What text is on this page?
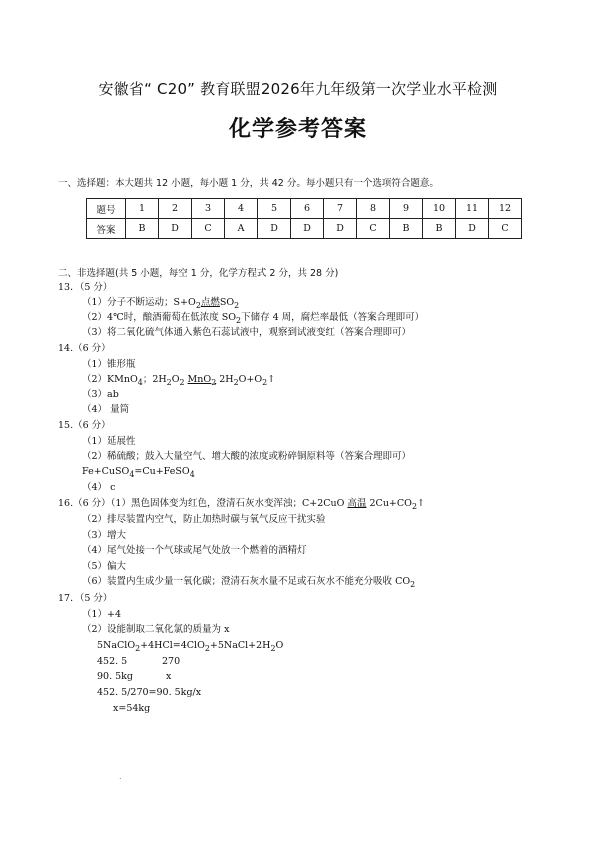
安徽省“ C20” 教育联盟2026年九年级第一次学业水平检测
化学参考答案
一、选择题：本大题共 12 小题，每小题 1 分，共 42 分。每小题只有一个选项符合题意。
题号	1	2	3	4	5	6	7	8	9	10	11	12
答案	B	D	C	A	D	D	D	C	B	B	D	C
二、非选择题(共 5 小题，每空 1 分，化学方程式 2 分，共 28 分)
13．（5 分）
（1）分子不断运动；$S+O_2$点燃$SO_2$
（2）4℃时，酿酒葡萄在低浓度 $SO_2$下储存 4 周，腐烂率最低（答案合理即可）
（3）将二氧化硫气体通入紫色石蕊试液中，观察到试液变红（答案合理即可）
14.（6 分）
（1）锥形瓶
（2）KMnO$_4$；$2H_2O_2$ MnO$_2$ $2H_2O+O_2↑$
（3）ab
（4） 量筒
15.（6 分）
（1）延展性
（2）稀硫酸；鼓入大量空气、增大酸的浓度或粉碎铜原料等（答案合理即可）
Fe+CuSO$_4$=Cu+FeSO$_4$
（4） c
16.（6 分）（1）黑色固体变为红色，澄清石灰水变浑浊；C+2CuO 高温 $2Cu+CO_2↑$
（2）排尽装置内空气，防止加热时碳与氧气反应干扰实验
（3）增大
（4）尾气处接一个气球或尾气处放一个燃着的酒精灯
（5）偏大
（6）装置内生成少量一氧化碳；澄清石灰水量不足或石灰水不能充分吸收 $CO_2$
17．（5 分）
（1）+4
（2）设能制取二氧化氯的质量为 x
$5NaClO_2+4HCl=4ClO_2+5NaCl+2H_2O$
452. 5	270
90. 5kg	x
452. 5/270=90. 5kg/x
x=54kg
.
